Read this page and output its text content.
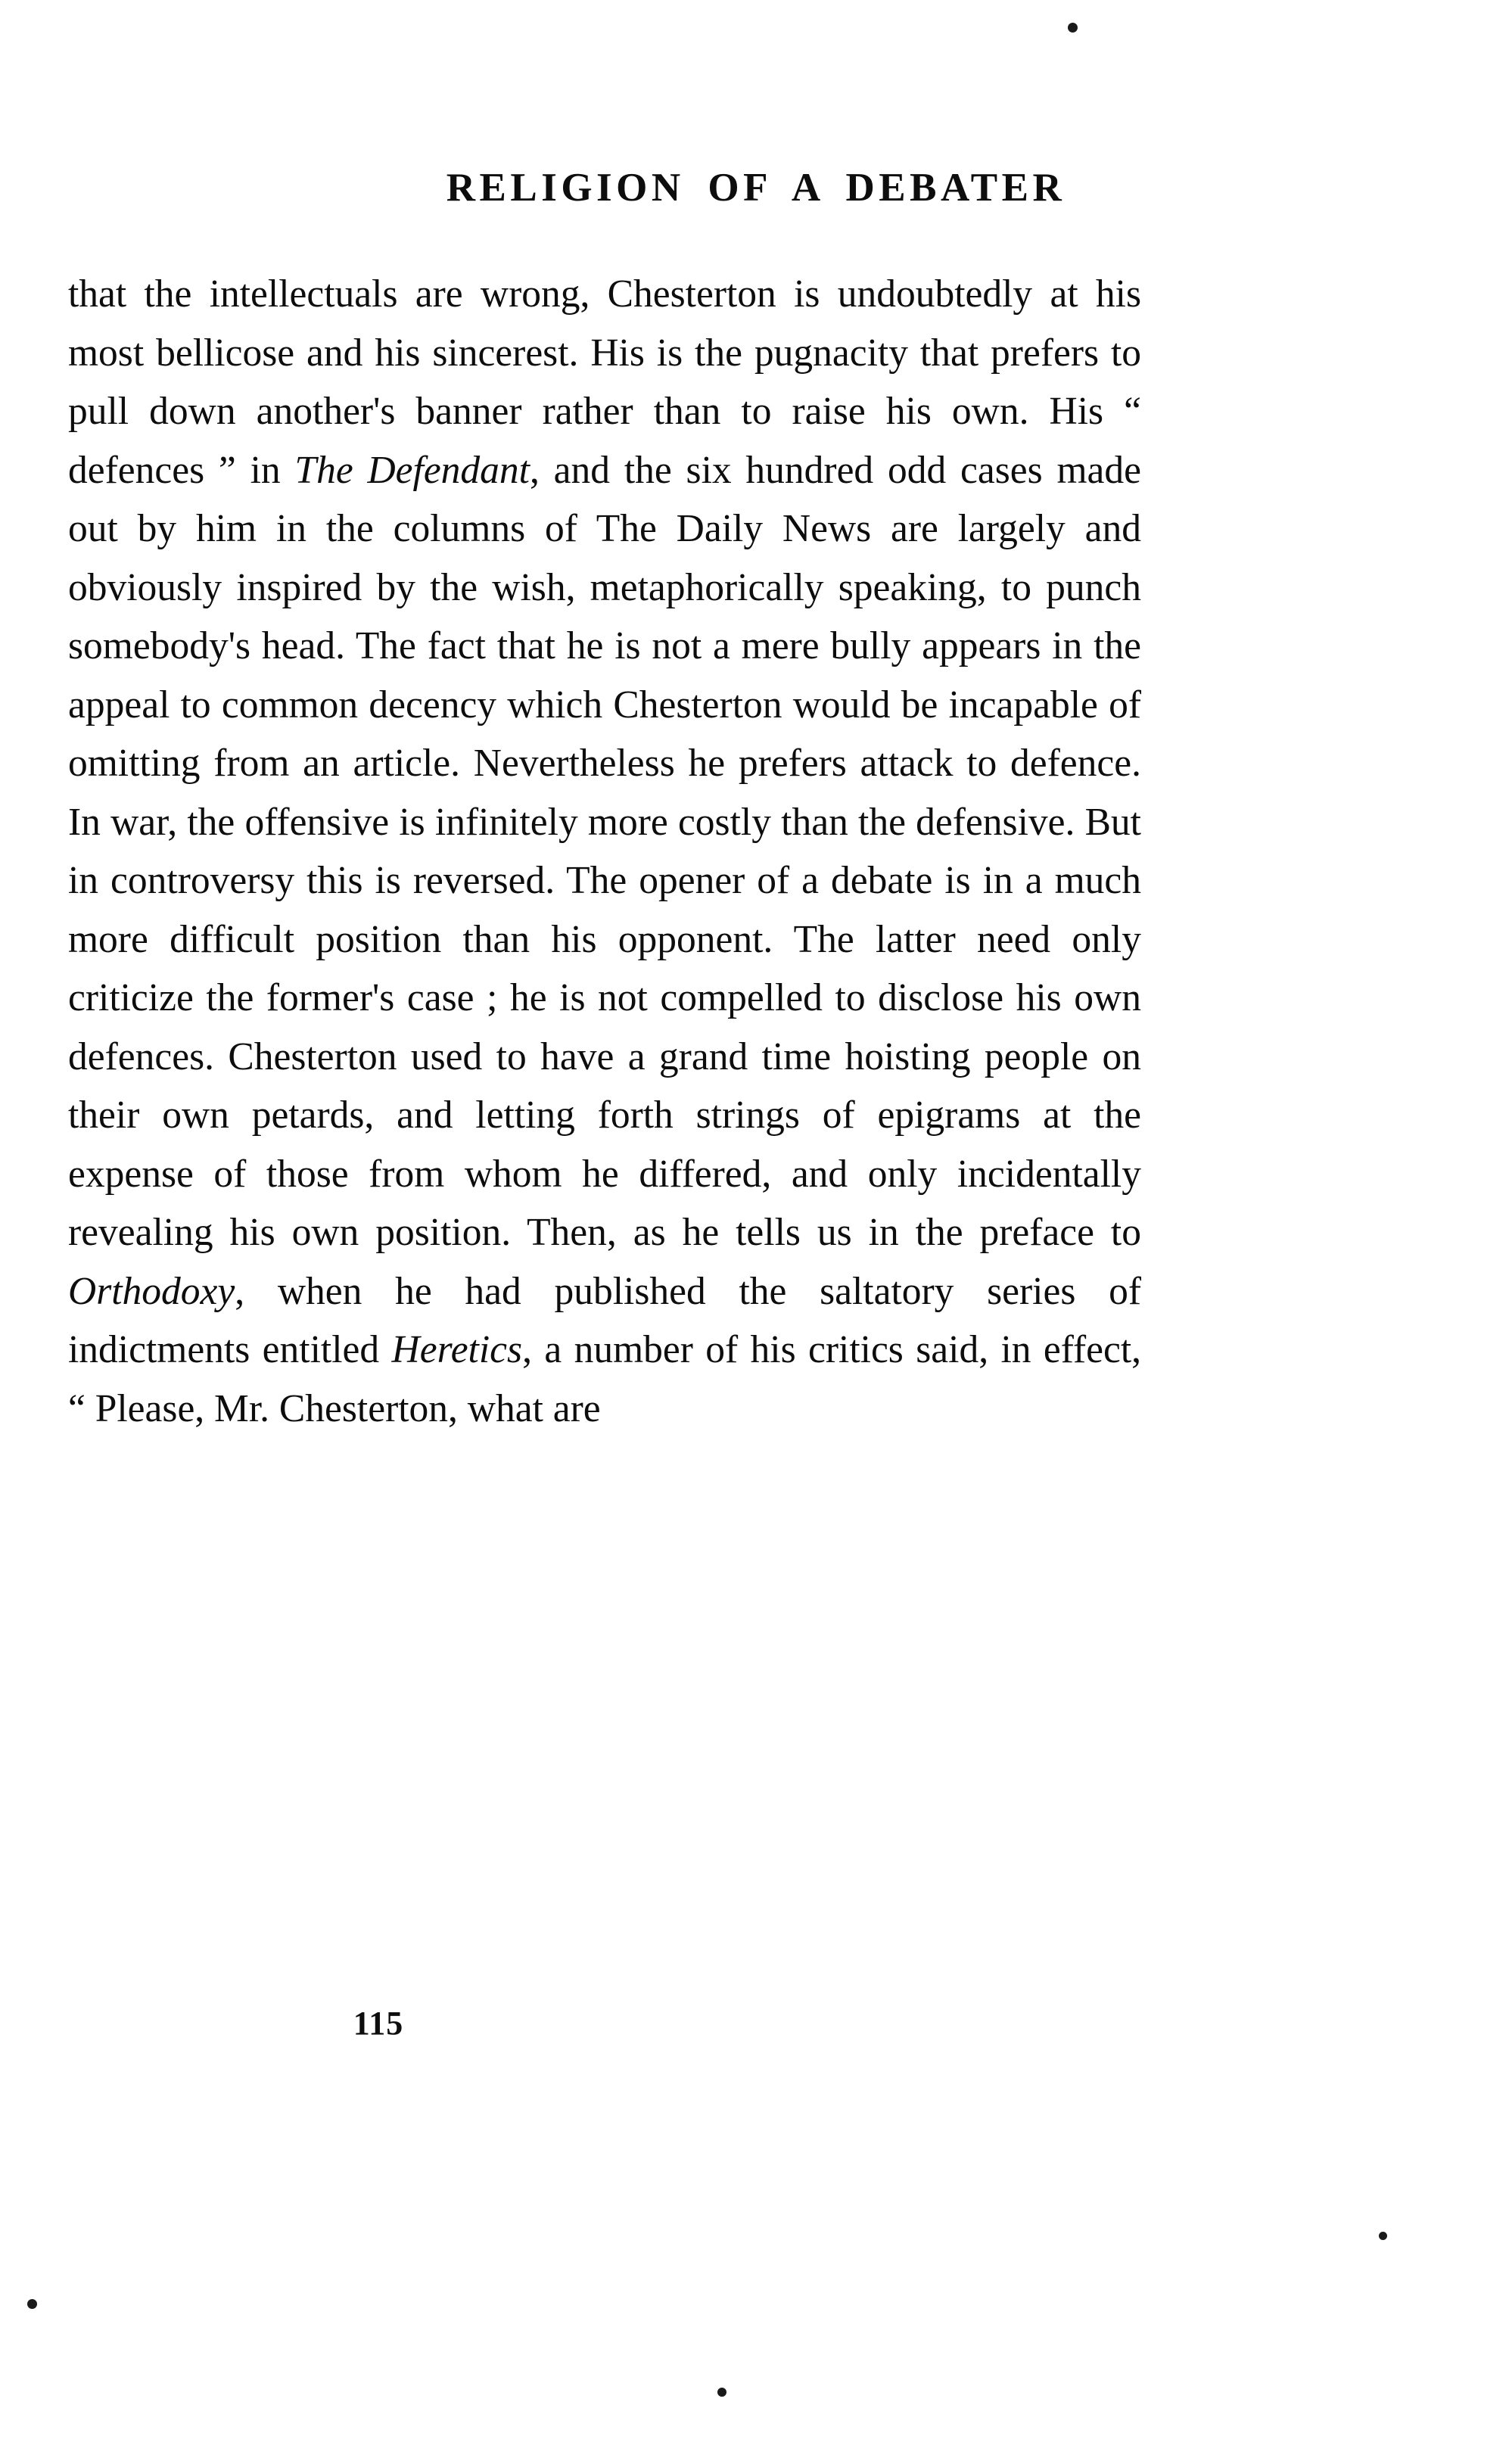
RELIGION OF A DEBATER

that the intellectuals are wrong, Chesterton is undoubtedly at his most bellicose and his sincerest. His is the pugnacity that prefers to pull down another's banner rather than to raise his own. His “ defences ” in The Defendant, and the six hundred odd cases made out by him in the columns of The Daily News are largely and obviously inspired by the wish, metaphorically speaking, to punch somebody's head. The fact that he is not a mere bully appears in the appeal to common decency which Chesterton would be incapable of omitting from an article. Nevertheless he prefers attack to defence. In war, the offensive is infinitely more costly than the defensive. But in controversy this is reversed. The opener of a debate is in a much more difficult position than his opponent. The latter need only criticize the former's case ; he is not compelled to disclose his own defences. Chesterton used to have a grand time hoisting people on their own petards, and letting forth strings of epigrams at the expense of those from whom he differed, and only incidentally revealing his own position. Then, as he tells us in the preface to Orthodoxy, when he had published the saltatory series of indictments entitled Heretics, a number of his critics said, in effect, “ Please, Mr. Chesterton, what are

115
